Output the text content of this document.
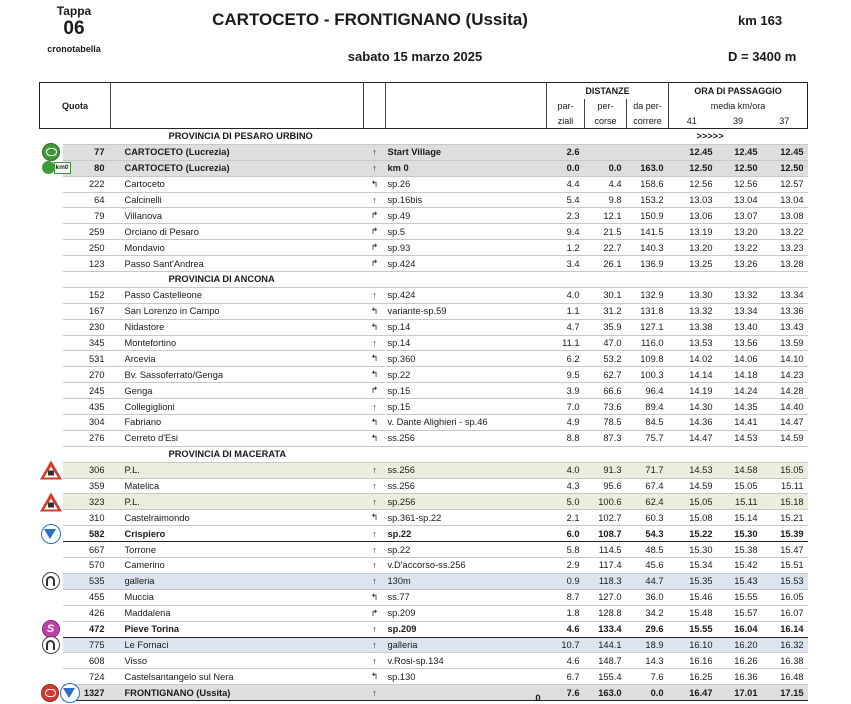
Tappa
06
cronotabella
CARTOCETO - FRONTIGNANO (Ussita)	km 163
sabato 15 marzo 2025	D = 3400 m
					DISTANZE			ORA DI PASSAGGIO		
Quota					par-	per-	da per-	media km/ora		
					ziali	corse	correre	41	39	37
		PROVINCIA DI PESARO URBINO						>>>>>		

	77	CARTOCETO (Lucrezia)	↑	Start Village	2.6			12.45	12.45	12.45

km0	80	CARTOCETO (Lucrezia)	↑	km 0	0.0	0.0	163.0	12.50	12.50	12.50
	222	Cartoceto	↰	sp.26	4.4	4.4	158.6	12.56	12.56	12.57
	64	Calcinelli	↑	sp.16bis	5.4	9.8	153.2	13.03	13.04	13.04
	79	Villanova	↱	sp.49	2.3	12.1	150.9	13.06	13.07	13.08
	259	Orciano di Pesaro	↱	sp.5	9.4	21.5	141.5	13.19	13.20	13.22
	250	Mondavio	↱	sp.93	1.2	22.7	140.3	13.20	13.22	13.23
	123	Passo Sant'Andrea	↱	sp.424	3.4	26.1	136.9	13.25	13.26	13.28
		PROVINCIA DI ANCONA								
	152	Passo Castelleone	↑	sp.424	4.0	30.1	132.9	13.30	13.32	13.34
	167	San Lorenzo in Campo	↰	variante-sp.59	1.1	31.2	131.8	13.32	13.34	13.36
	230	Nidastore	↰	sp.14	4.7	35.9	127.1	13.38	13.40	13.43
	345	Montefortino	↑	sp.14	11.1	47.0	116.0	13.53	13.56	13.59
	531	Arcevia	↰	sp.360	6.2	53.2	109.8	14.02	14.06	14.10
	270	Bv. Sassoferrato/Genga	↰	sp.22	9.5	62.7	100.3	14.14	14.18	14.23
	245	Genga	↱	sp.15	3.9	66.6	96.4	14.19	14.24	14.28
	435	Collegiglioni	↑	sp.15	7.0	73.6	89.4	14.30	14.35	14.40
	304	Fabriano	↰	v. Dante Alighieri - sp.46	4.9	78.5	84.5	14.36	14.41	14.47
	276	Cerreto d'Esi	↰	ss.256	8.8	87.3	75.7	14.47	14.53	14.59
		PROVINCIA DI MACERATA								

	306	P.L.	↑	ss.256	4.0	91.3	71.7	14.53	14.58	15.05
	359	Matelica	↑	ss.256	4.3	95.6	67.4	14.59	15.05	15.11

	323	P.L.	↑	sp.256	5.0	100.6	62.4	15.05	15.11	15.18
	310	Castelraimondo	↰	sp.361-sp.22	2.1	102.7	60.3	15.08	15.14	15.21

	582	Crispiero	↑	sp.22	6.0	108.7	54.3	15.22	15.30	15.39
	667	Torrone	↑	sp.22	5.8	114.5	48.5	15.30	15.38	15.47
	570	Camerino	↑	v.D'accorso-ss.256	2.9	117.4	45.6	15.34	15.42	15.51

	535	galleria	↑	130m	0.9	118.3	44.7	15.35	15.43	15.53
	455	Muccia	↰	ss.77	8.7	127.0	36.0	15.46	15.55	16.05
	426	Maddalena	↱	sp.209	1.8	128.8	34.2	15.48	15.57	16.07

S	472	Pieve Torina	↑	sp.209	4.6	133.4	29.6	15.55	16.04	16.14

	775	Le Fornaci	↑	galleria	10.7	144.1	18.9	16.10	16.20	16.32
	608	Visso	↑	v.Rosi-sp.134	4.6	148.7	14.3	16.16	16.26	16.38
	724	Castelsantangelo sul Nera	↰	sp.130	6.7	155.4	7.6	16.25	16.36	16.48

	1327	FRONTIGNANO (Ussita)	↑	0	7.6	163.0	0.0	16.47	17.01	17.15
